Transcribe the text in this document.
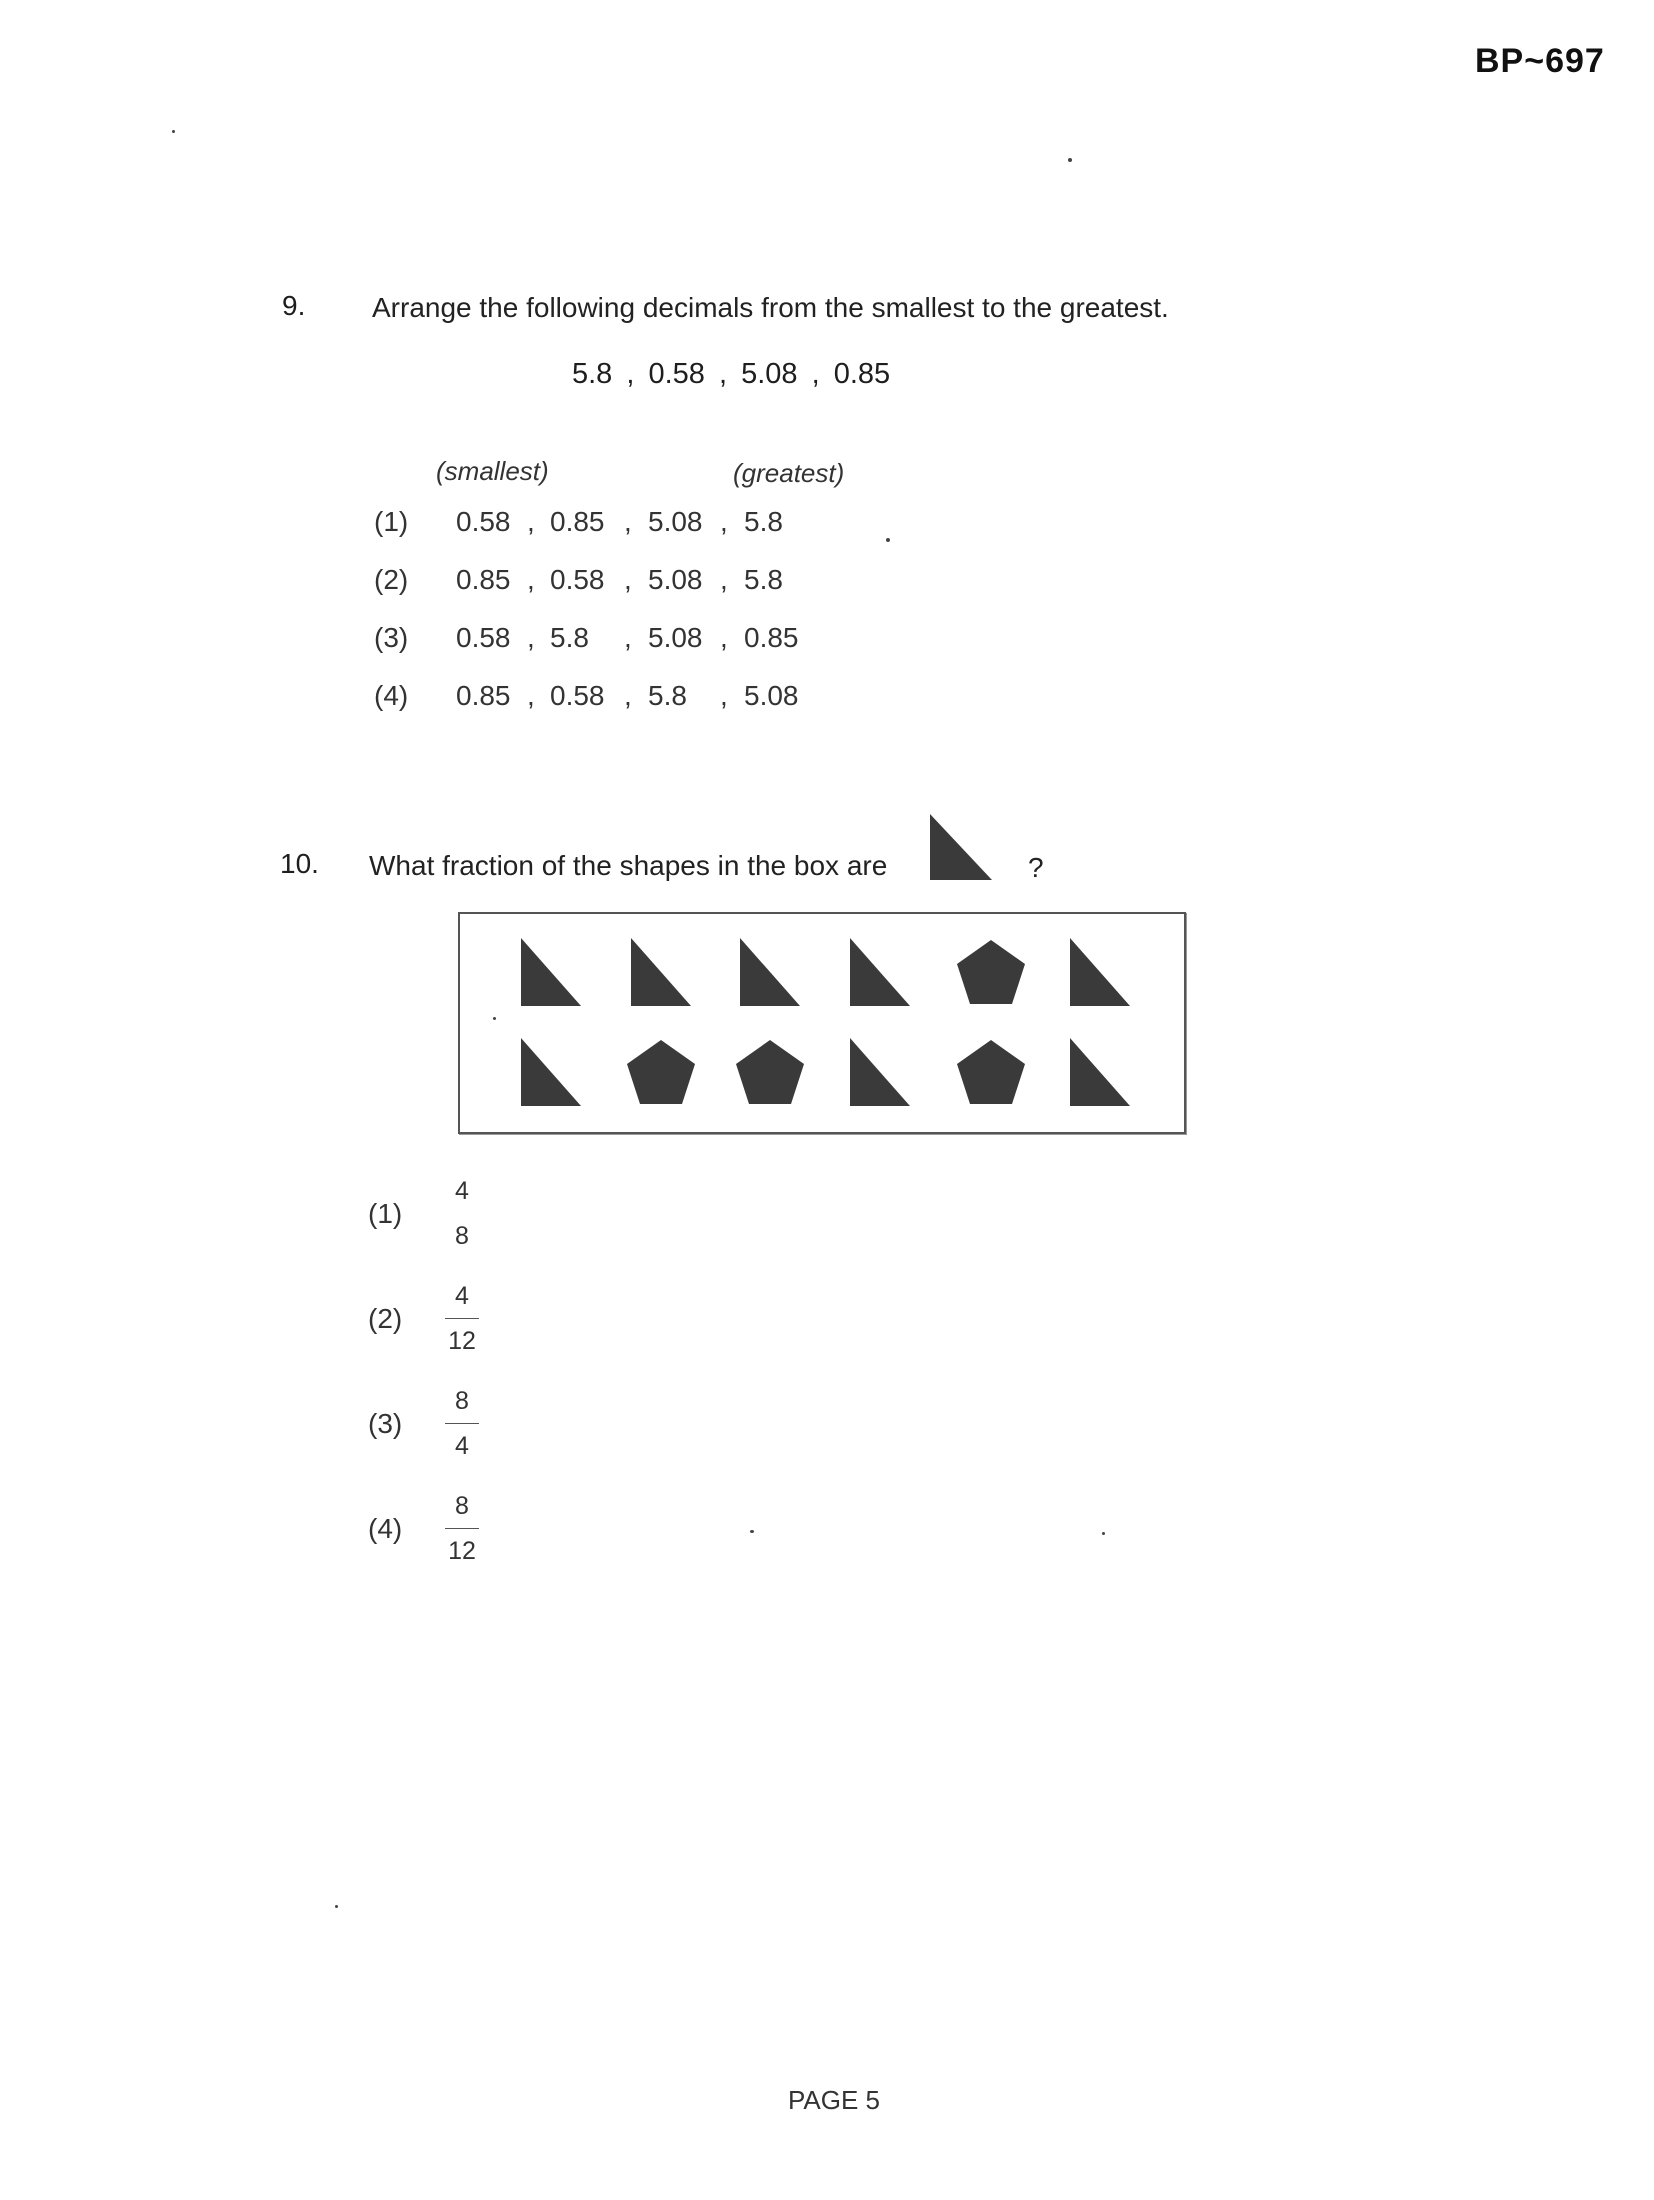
BP~697
9. Arrange the following decimals from the smallest to the greatest.
5.8 , 0.58 , 5.08 , 0.85
(smallest)	(greatest)
(1) 0.58 , 0.85 , 5.08 , 5.8
(2) 0.85 , 0.58 , 5.08 , 5.8
(3) 0.58 , 5.8 , 5.08 , 0.85
(4) 0.85 , 0.58 , 5.8 , 5.08
10. What fraction of the shapes in the box are	?
(1)
4
8
(2)
4
12
(3)
8
4
(4)
8
12
PAGE 5
